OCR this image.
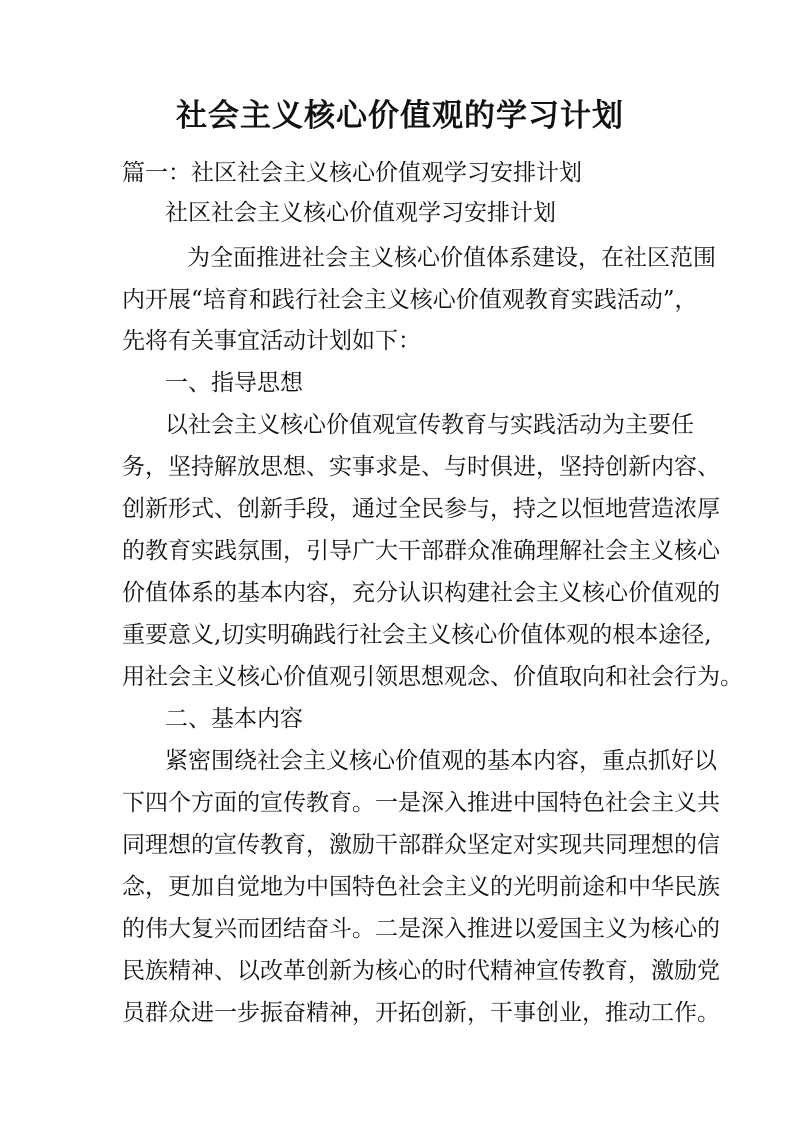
社会主义核心价值观的学习计划
篇一：社区社会主义核心价值观学习安排计划
社区社会主义核心价值观学习安排计划
为全面推进社会主义核心价值体系建设，在社区范围
内开展“培育和践行社会主义核心价值观教育实践活动”，
先将有关事宜活动计划如下：
一、指导思想
以社会主义核心价值观宣传教育与实践活动为主要任
务，坚持解放思想、实事求是、与时俱进，坚持创新内容、
创新形式、创新手段，通过全民参与，持之以恒地营造浓厚
的教育实践氛围，引导广大干部群众准确理解社会主义核心
价值体系的基本内容，充分认识构建社会主义核心价值观的
重要意义,切实明确践行社会主义核心价值体观的根本途径,
用社会主义核心价值观引领思想观念、价值取向和社会行为。
二、基本内容
紧密围绕社会主义核心价值观的基本内容，重点抓好以
下四个方面的宣传教育。一是深入推进中国特色社会主义共
同理想的宣传教育，激励干部群众坚定对实现共同理想的信
念，更加自觉地为中国特色社会主义的光明前途和中华民族
的伟大复兴而团结奋斗。二是深入推进以爱国主义为核心的
民族精神、以改革创新为核心的时代精神宣传教育，激励党
员群众进一步振奋精神，开拓创新，干事创业，推动工作。
